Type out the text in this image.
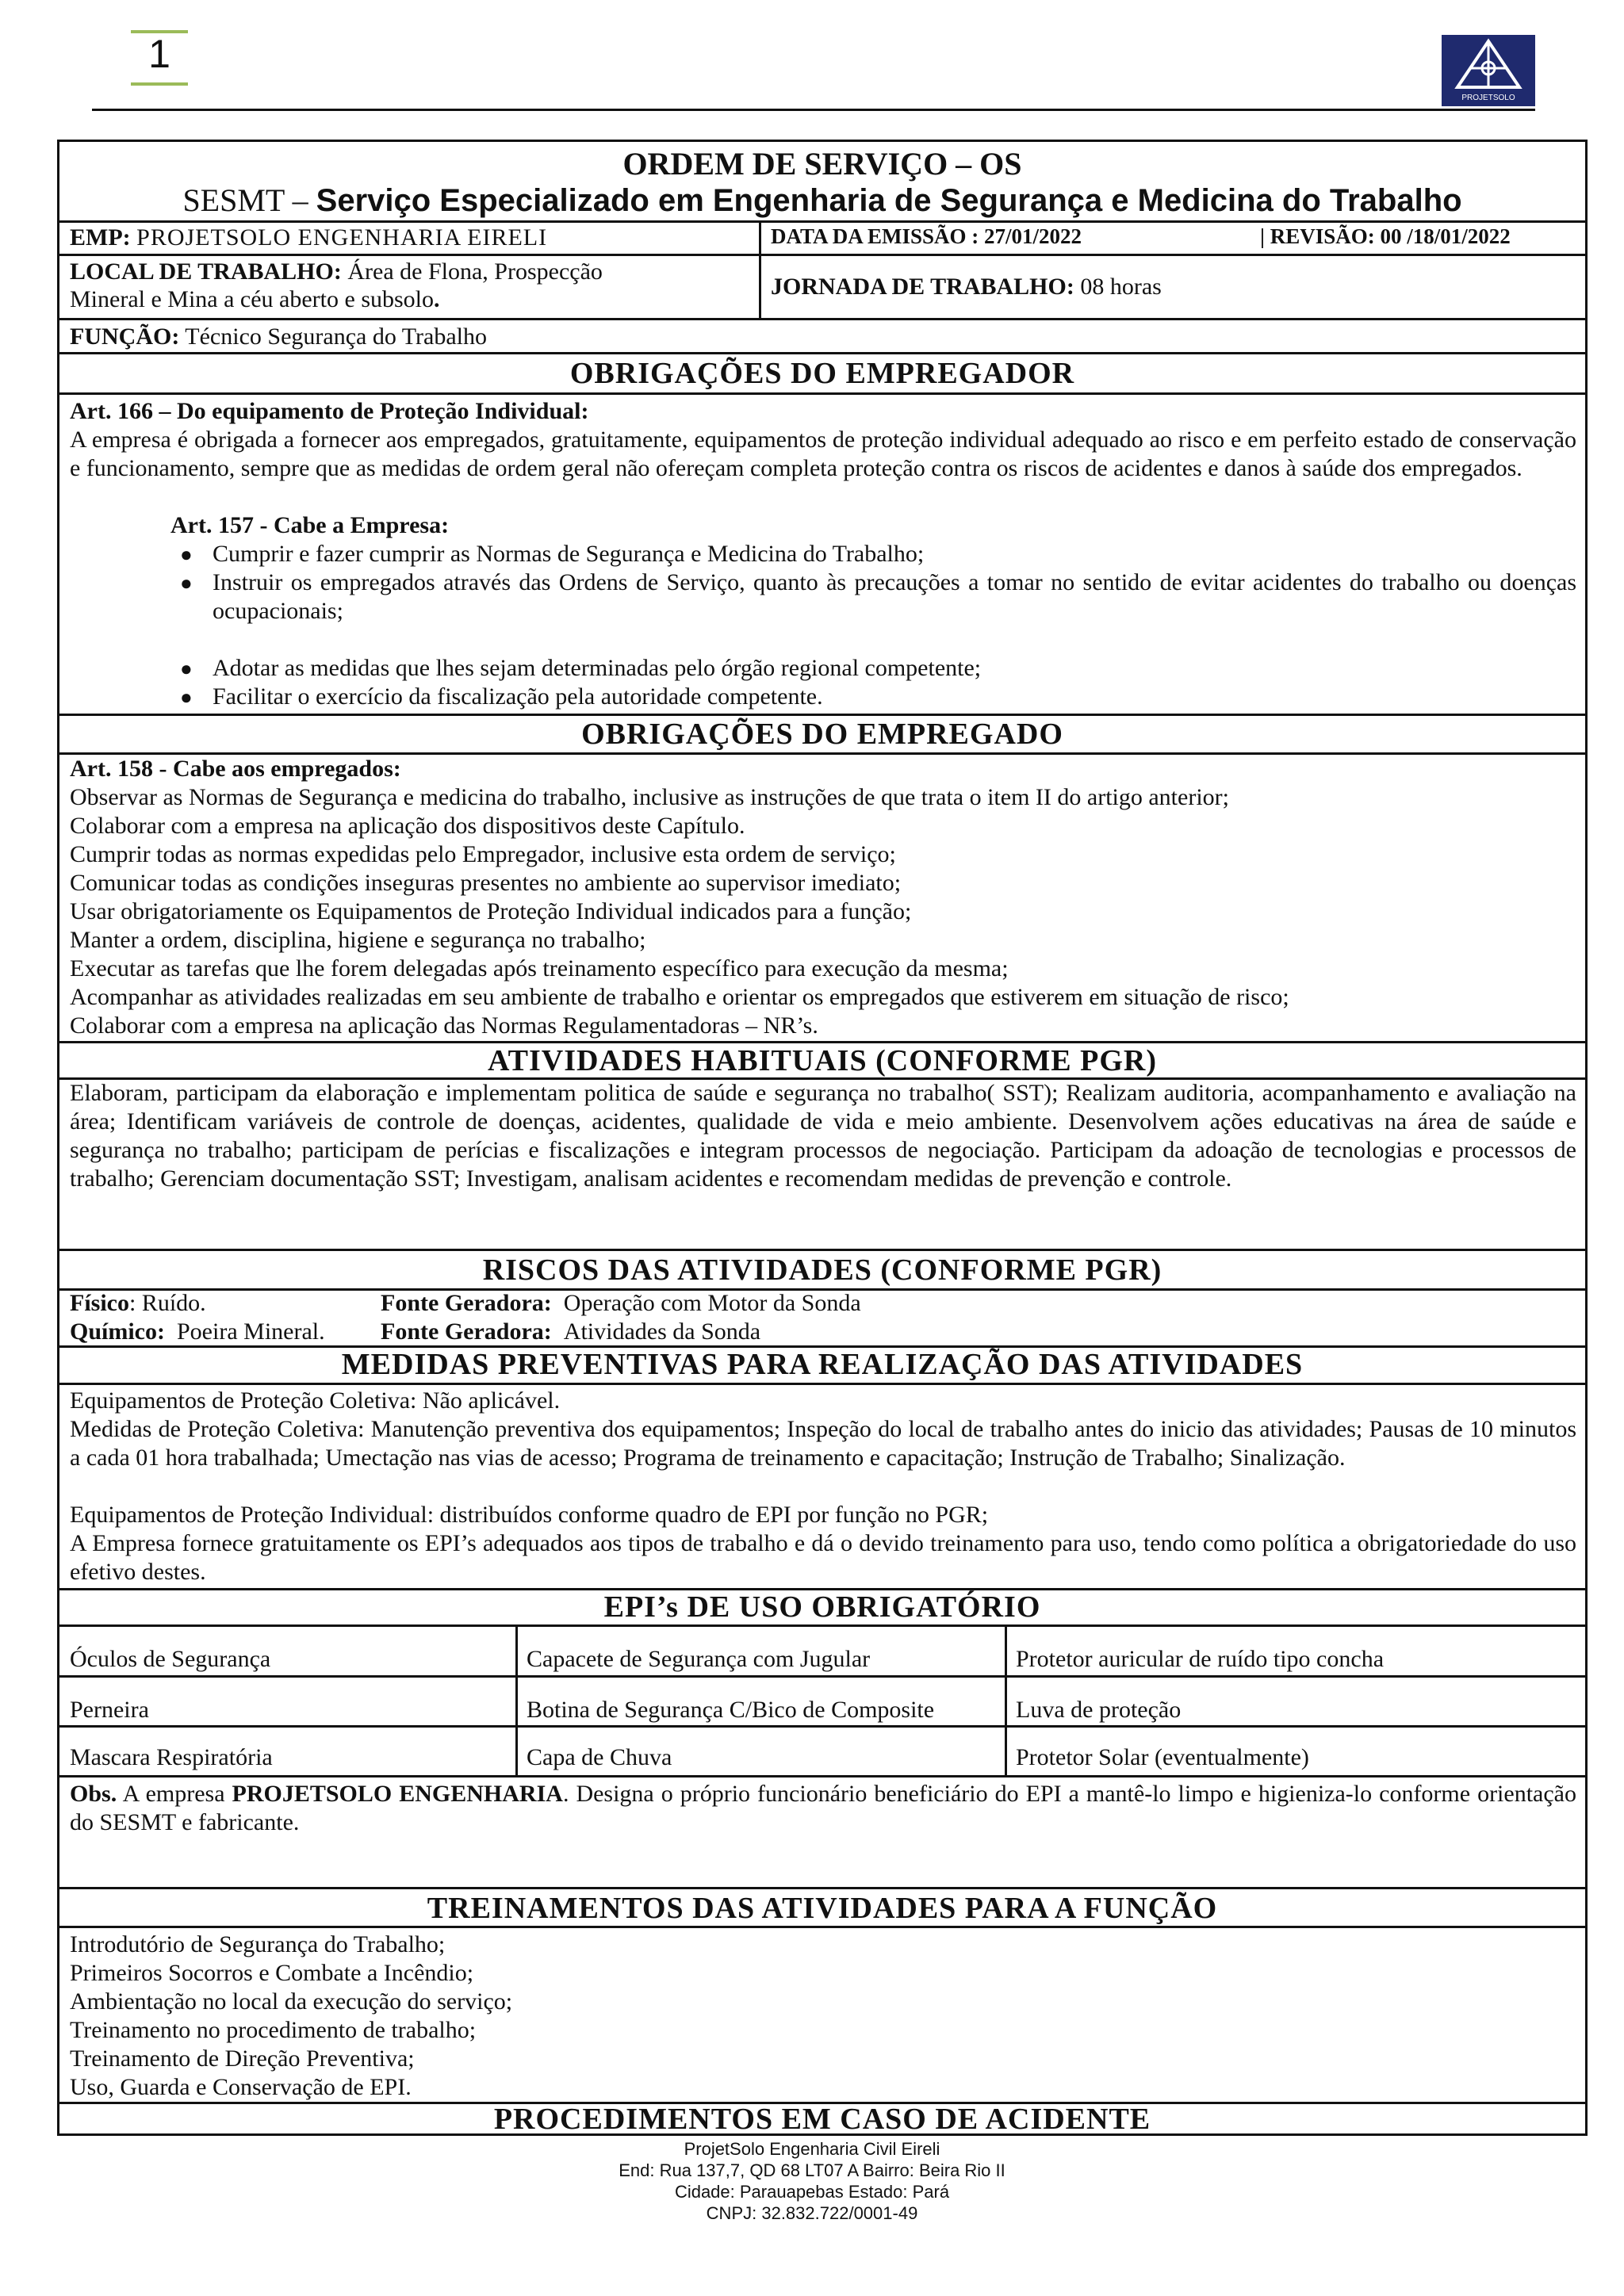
1
PROJETSOLO
ORDEM DE SERVIÇO – OS
SESMT – Serviço Especializado em Engenharia de Segurança e Medicina do Trabalho
EMP: PROJETSOLO ENGENHARIA EIRELI	DATA DA EMISSÃO : 27/01/2022	| REVISÃO: 00 /18/01/2022
LOCAL DE TRABALHO: Área de Flona, Prospecção
Mineral e Mina a céu aberto e subsolo.	JORNADA DE TRABALHO: 08 horas
FUNÇÃO: Técnico Segurança do Trabalho
OBRIGAÇÕES DO EMPREGADOR
Art. 166 – Do equipamento de Proteção Individual:
A empresa é obrigada a fornecer aos empregados, gratuitamente, equipamentos de proteção individual adequado ao risco e em perfeito estado de conservação e funcionamento, sempre que as medidas de ordem geral não ofereçam completa proteção contra os riscos de acidentes e danos à saúde dos empregados.
Art. 157 - Cabe a Empresa:
● Cumprir e fazer cumprir as Normas de Segurança e Medicina do Trabalho;
● Instruir os empregados através das Ordens de Serviço, quanto às precauções a tomar no sentido de evitar acidentes do trabalho ou doenças ocupacionais;
● Adotar as medidas que lhes sejam determinadas pelo órgão regional competente;
● Facilitar o exercício da fiscalização pela autoridade competente.
OBRIGAÇÕES DO EMPREGADO
Art. 158 - Cabe aos empregados:
Observar as Normas de Segurança e medicina do trabalho, inclusive as instruções de que trata o item II do artigo anterior;
Colaborar com a empresa na aplicação dos dispositivos deste Capítulo.
Cumprir todas as normas expedidas pelo Empregador, inclusive esta ordem de serviço;
Comunicar todas as condições inseguras presentes no ambiente ao supervisor imediato;
Usar obrigatoriamente os Equipamentos de Proteção Individual indicados para a função;
Manter a ordem, disciplina, higiene e segurança no trabalho;
Executar as tarefas que lhe forem delegadas após treinamento específico para execução da mesma;
Acompanhar as atividades realizadas em seu ambiente de trabalho e orientar os empregados que estiverem em situação de risco;
Colaborar com a empresa na aplicação das Normas Regulamentadoras – NR’s.
ATIVIDADES HABITUAIS (CONFORME PGR)
Elaboram, participam da elaboração e implementam politica de saúde e segurança no trabalho( SST); Realizam auditoria, acompanhamento e avaliação na área; Identificam variáveis de controle de doenças, acidentes, qualidade de vida e meio ambiente. Desenvolvem ações educativas na área de saúde e segurança no trabalho; participam de perícias e fiscalizações e integram processos de negociação. Participam da adoação de tecnologias e processos de trabalho; Gerenciam documentação SST; Investigam, analisam acidentes e recomendam medidas de prevenção e controle.
RISCOS DAS ATIVIDADES (CONFORME PGR)
Físico: Ruído.	Fonte Geradora: Operação com Motor da Sonda
Químico: Poeira Mineral. Fonte Geradora: Atividades da Sonda
MEDIDAS PREVENTIVAS PARA REALIZAÇÃO DAS ATIVIDADES
Equipamentos de Proteção Coletiva: Não aplicável.
Medidas de Proteção Coletiva: Manutenção preventiva dos equipamentos; Inspeção do local de trabalho antes do inicio das atividades; Pausas de 10 minutos a cada 01 hora trabalhada; Umectação nas vias de acesso; Programa de treinamento e capacitação; Instrução de Trabalho; Sinalização.
Equipamentos de Proteção Individual: distribuídos conforme quadro de EPI por função no PGR;
A Empresa fornece gratuitamente os EPI’s adequados aos tipos de trabalho e dá o devido treinamento para uso, tendo como política a obrigatoriedade do uso efetivo destes.
EPI’s DE USO OBRIGATÓRIO
Óculos de Segurança	Capacete de Segurança com Jugular	Protetor auricular de ruído tipo concha
Perneira	Botina de Segurança C/Bico de Composite	Luva de proteção
Mascara Respiratória	Capa de Chuva	Protetor Solar (eventualmente)
Obs. A empresa PROJETSOLO ENGENHARIA. Designa o próprio funcionário beneficiário do EPI a mantê-lo limpo e higieniza-lo conforme orientação do SESMT e fabricante.
TREINAMENTOS DAS ATIVIDADES PARA A FUNÇÃO
Introdutório de Segurança do Trabalho;
Primeiros Socorros e Combate a Incêndio;
Ambientação no local da execução do serviço;
Treinamento no procedimento de trabalho;
Treinamento de Direção Preventiva;
Uso, Guarda e Conservação de EPI.
PROCEDIMENTOS EM CASO DE ACIDENTE
ProjetSolo Engenharia Civil Eireli
End: Rua 137,7, QD 68 LT07 A Bairro: Beira Rio II
Cidade: Parauapebas Estado: Pará
CNPJ: 32.832.722/0001-49
